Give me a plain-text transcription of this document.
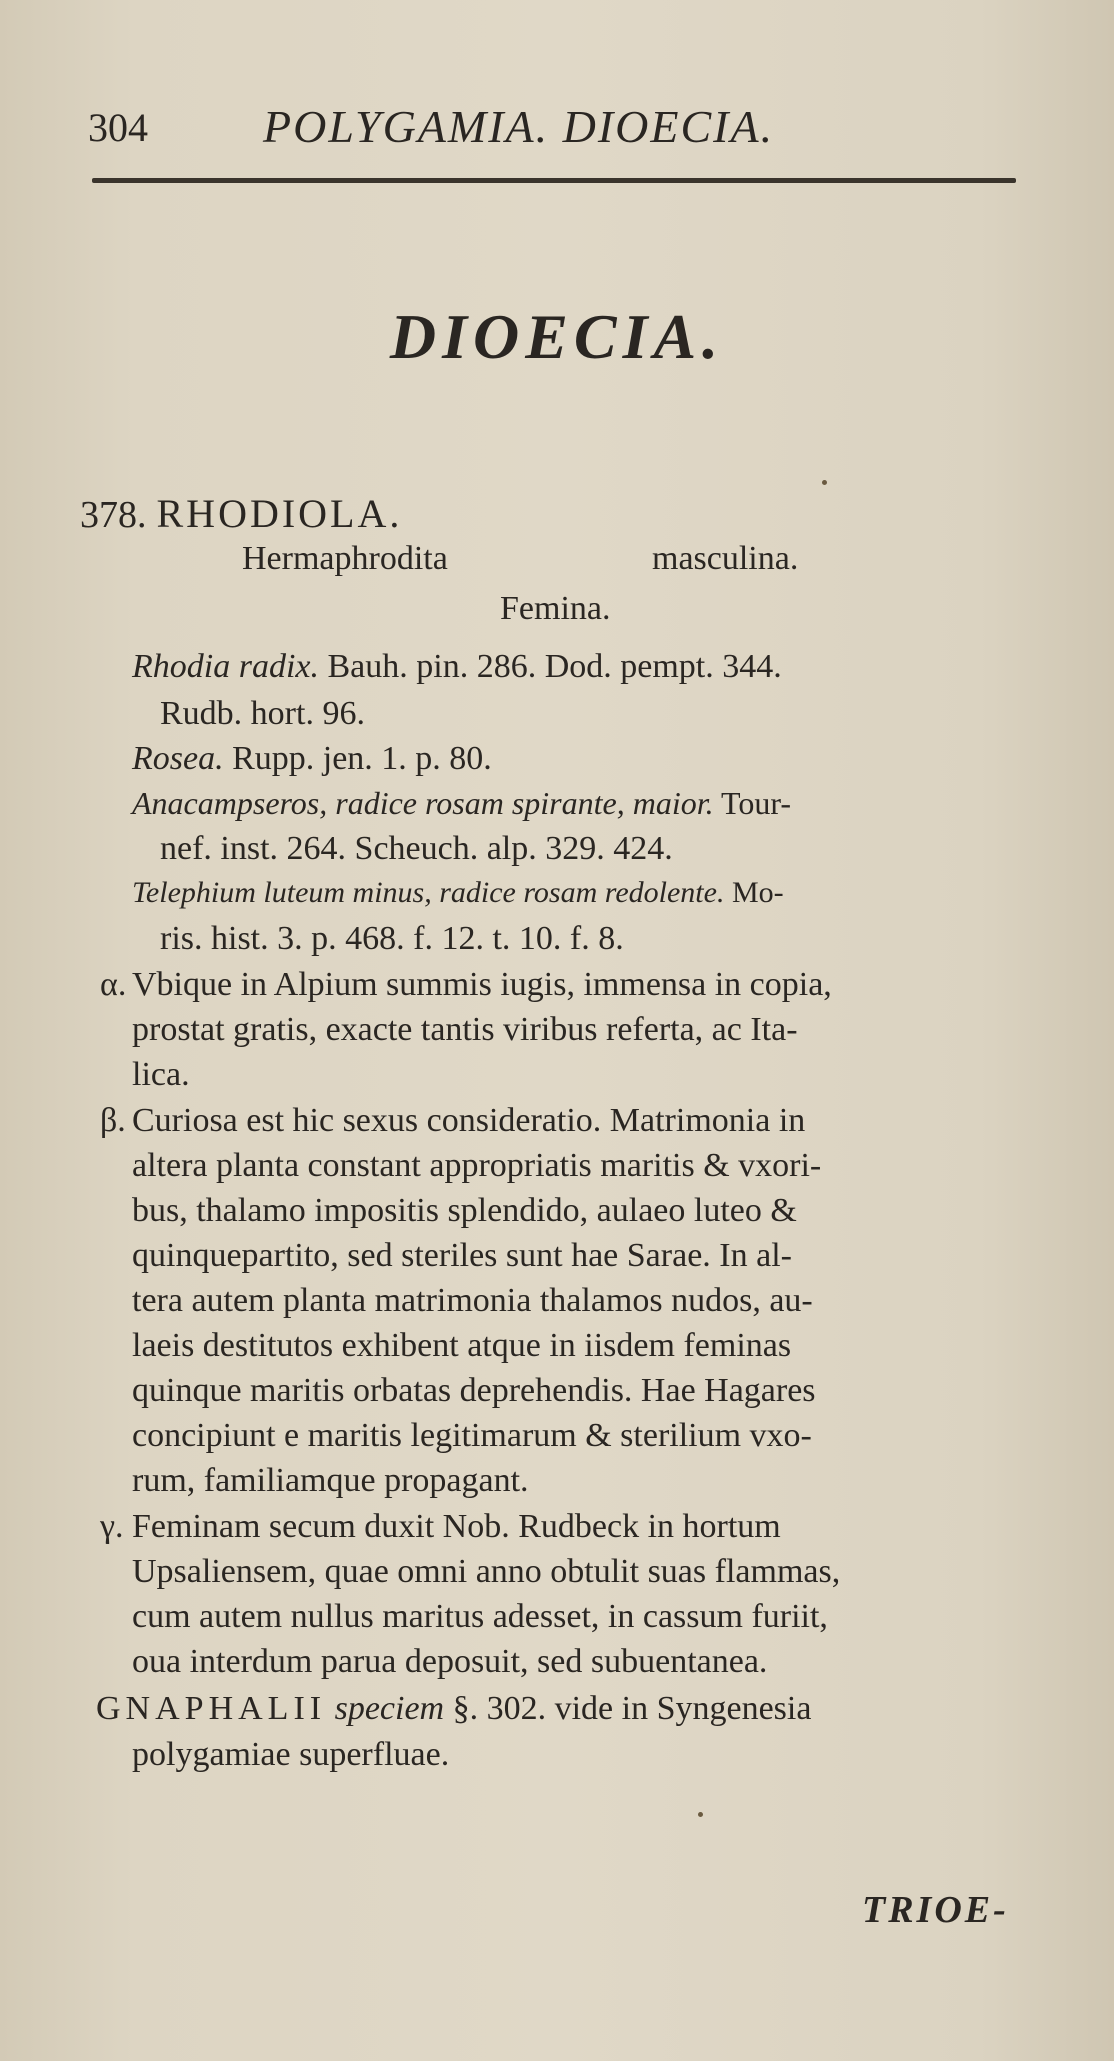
304	POLYGAMIA. DIOECIA.
DIOECIA.
378. RHODIOLA.
Hermaphrodita	masculina.
Femina.
Rhodia radix. Bauh. pin. 286. Dod. pempt. 344.
Rudb. hort. 96.
Rosea. Rupp. jen. 1. p. 80.
Anacampseros, radice rosam spirante, maior. Tour-
nef. inst. 264. Scheuch. alp. 329. 424.
Telephium luteum minus, radice rosam redolente. Mo-
ris. hist. 3. p. 468. f. 12. t. 10. f. 8.
α. Vbique in Alpium summis iugis, immensa in copia,
prostat gratis, exacte tantis viribus referta, ac Ita-
lica.
β. Curiosa est hic sexus consideratio. Matrimonia in
altera planta constant appropriatis maritis & vxori-
bus, thalamo impositis splendido, aulaeo luteo &
quinquepartito, sed steriles sunt hae Sarae. In al-
tera autem planta matrimonia thalamos nudos, au-
laeis destitutos exhibent atque in iisdem feminas
quinque maritis orbatas deprehendis. Hae Hagares
concipiunt e maritis legitimarum & sterilium vxo-
rum, familiamque propagant.
γ. Feminam secum duxit Nob. Rudbeck in hortum
Upsaliensem, quae omni anno obtulit suas flammas,
cum autem nullus maritus adesset, in cassum furiit,
oua interdum parua deposuit, sed subuentanea.
GNAPHALII speciem §. 302. vide in Syngenesia
polygamiae superfluae.
TRIOE-
